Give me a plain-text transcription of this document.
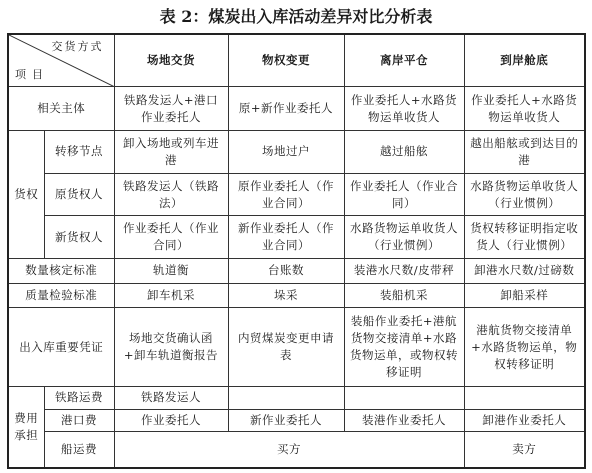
表 2：煤炭出入库活动差异对比分析表
交货方式
项目		场地交货	物权变更	离岸平仓	到岸舱底
相关主体		铁路发运人+港口作业委托人	原+新作业委托人	作业委托人+水路货物运单收货人	作业委托人+水路货物运单收货人
货权	转移节点	卸入场地或列车进港	场地过户	越过船舷	越出船舷或到达目的港
	原货权人	铁路发运人（铁路法）	原作业委托人（作业合同）	作业委托人（作业合同）	水路货物运单收货人（行业惯例）
	新货权人	作业委托人（作业合同）	新作业委托人（作业合同）	水路货物运单收货人（行业惯例）	货权转移证明指定收货人（行业惯例）
数量核定标准		轨道衡	台账数	装港水尺数/皮带秤	卸港水尺数/过磅数
质量检验标准		卸车机采	垛采	装船机采	卸船采样
出入库重要凭证		场地交货确认函+卸车轨道衡报告	内贸煤炭变更申请表	装船作业委托+港航货物交接清单+水路货物运单，或物权转移证明	港航货物交接清单+水路货物运单，物权转移证明
费用承担	铁路运费	铁路发运人			
	港口费	作业委托人	新作业委托人	装港作业委托人	卸港作业委托人
	船运费	买方			卖方
